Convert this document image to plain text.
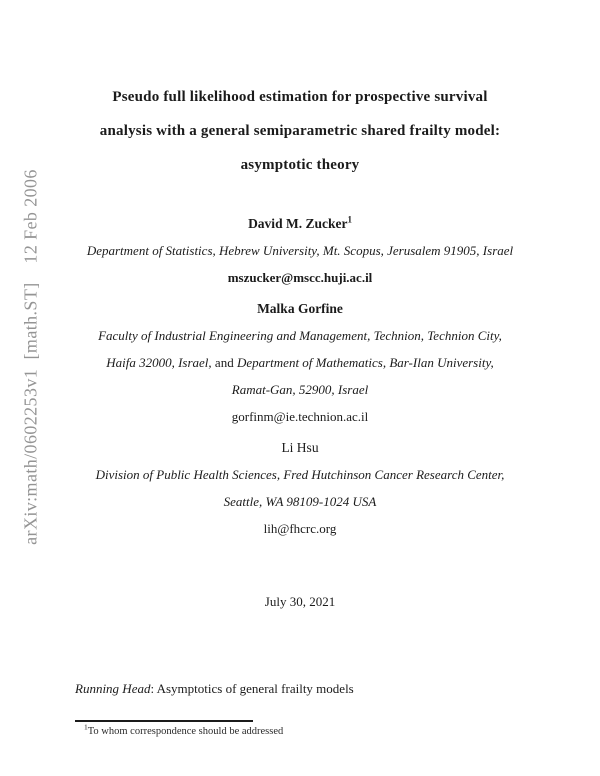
arXiv:math/0602253v1 [math.ST]  12 Feb 2006
Pseudo full likelihood estimation for prospective survival
analysis with a general semiparametric shared frailty model:
asymptotic theory
David M. Zucker$^1$
Department of Statistics, Hebrew University, Mt. Scopus, Jerusalem 91905, Israel
mszucker@mscc.huji.ac.il
Malka Gorfine
Faculty of Industrial Engineering and Management, Technion, Technion City,
Haifa 32000, Israel, and Department of Mathematics, Bar-Ilan University,
Ramat-Gan, 52900, Israel
gorfinm@ie.technion.ac.il
Li Hsu
Division of Public Health Sciences, Fred Hutchinson Cancer Research Center,
Seattle, WA 98109-1024 USA
lih@fhcrc.org
July 30, 2021
Running Head: Asymptotics of general frailty models
$^1$To whom correspondence should be addressed
